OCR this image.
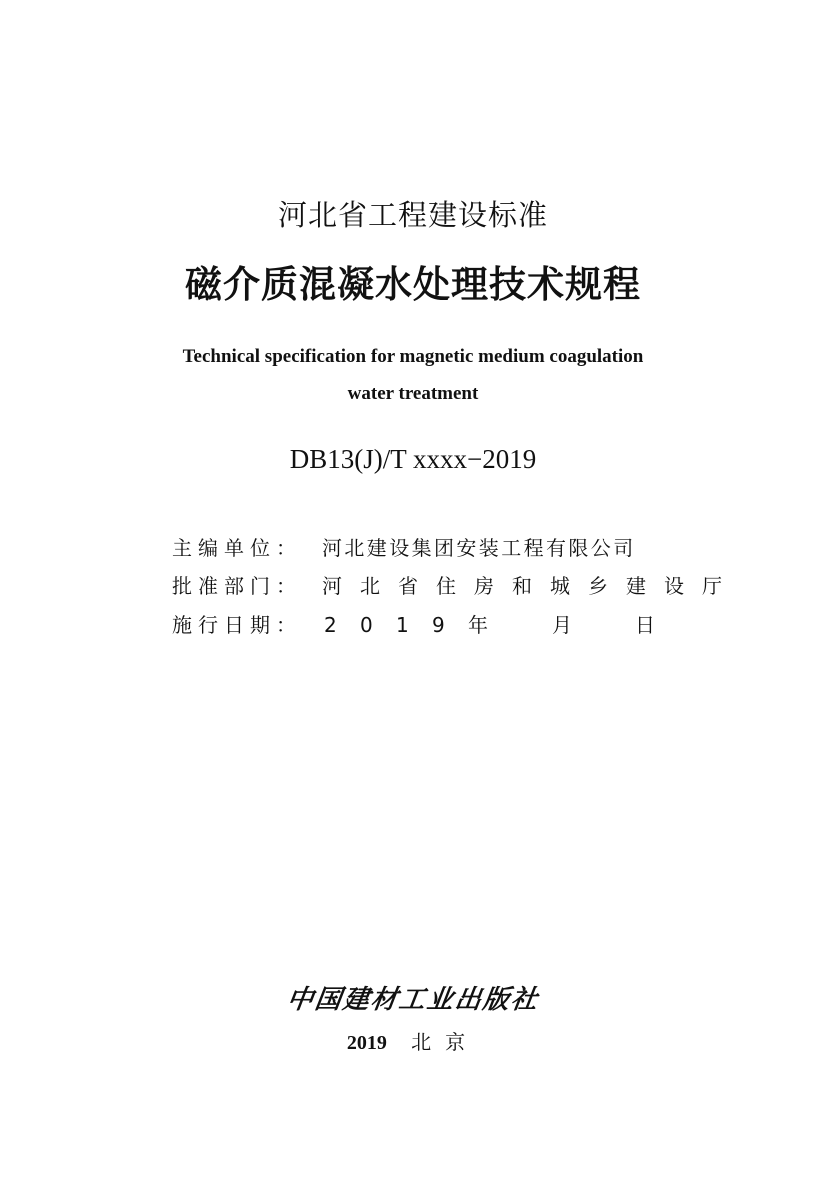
河北省工程建设标准
磁介质混凝水处理技术规程
Technical specification for magnetic medium coagulation
water treatment
DB13(J)/T xxxx−2019
主编单位： 河北建设集团安装工程有限公司
批准部门： 河北省住房和城乡建设厅
施行日期： 2 0 1 9 年	月	日
中国建材工业出版社
2019 北京
